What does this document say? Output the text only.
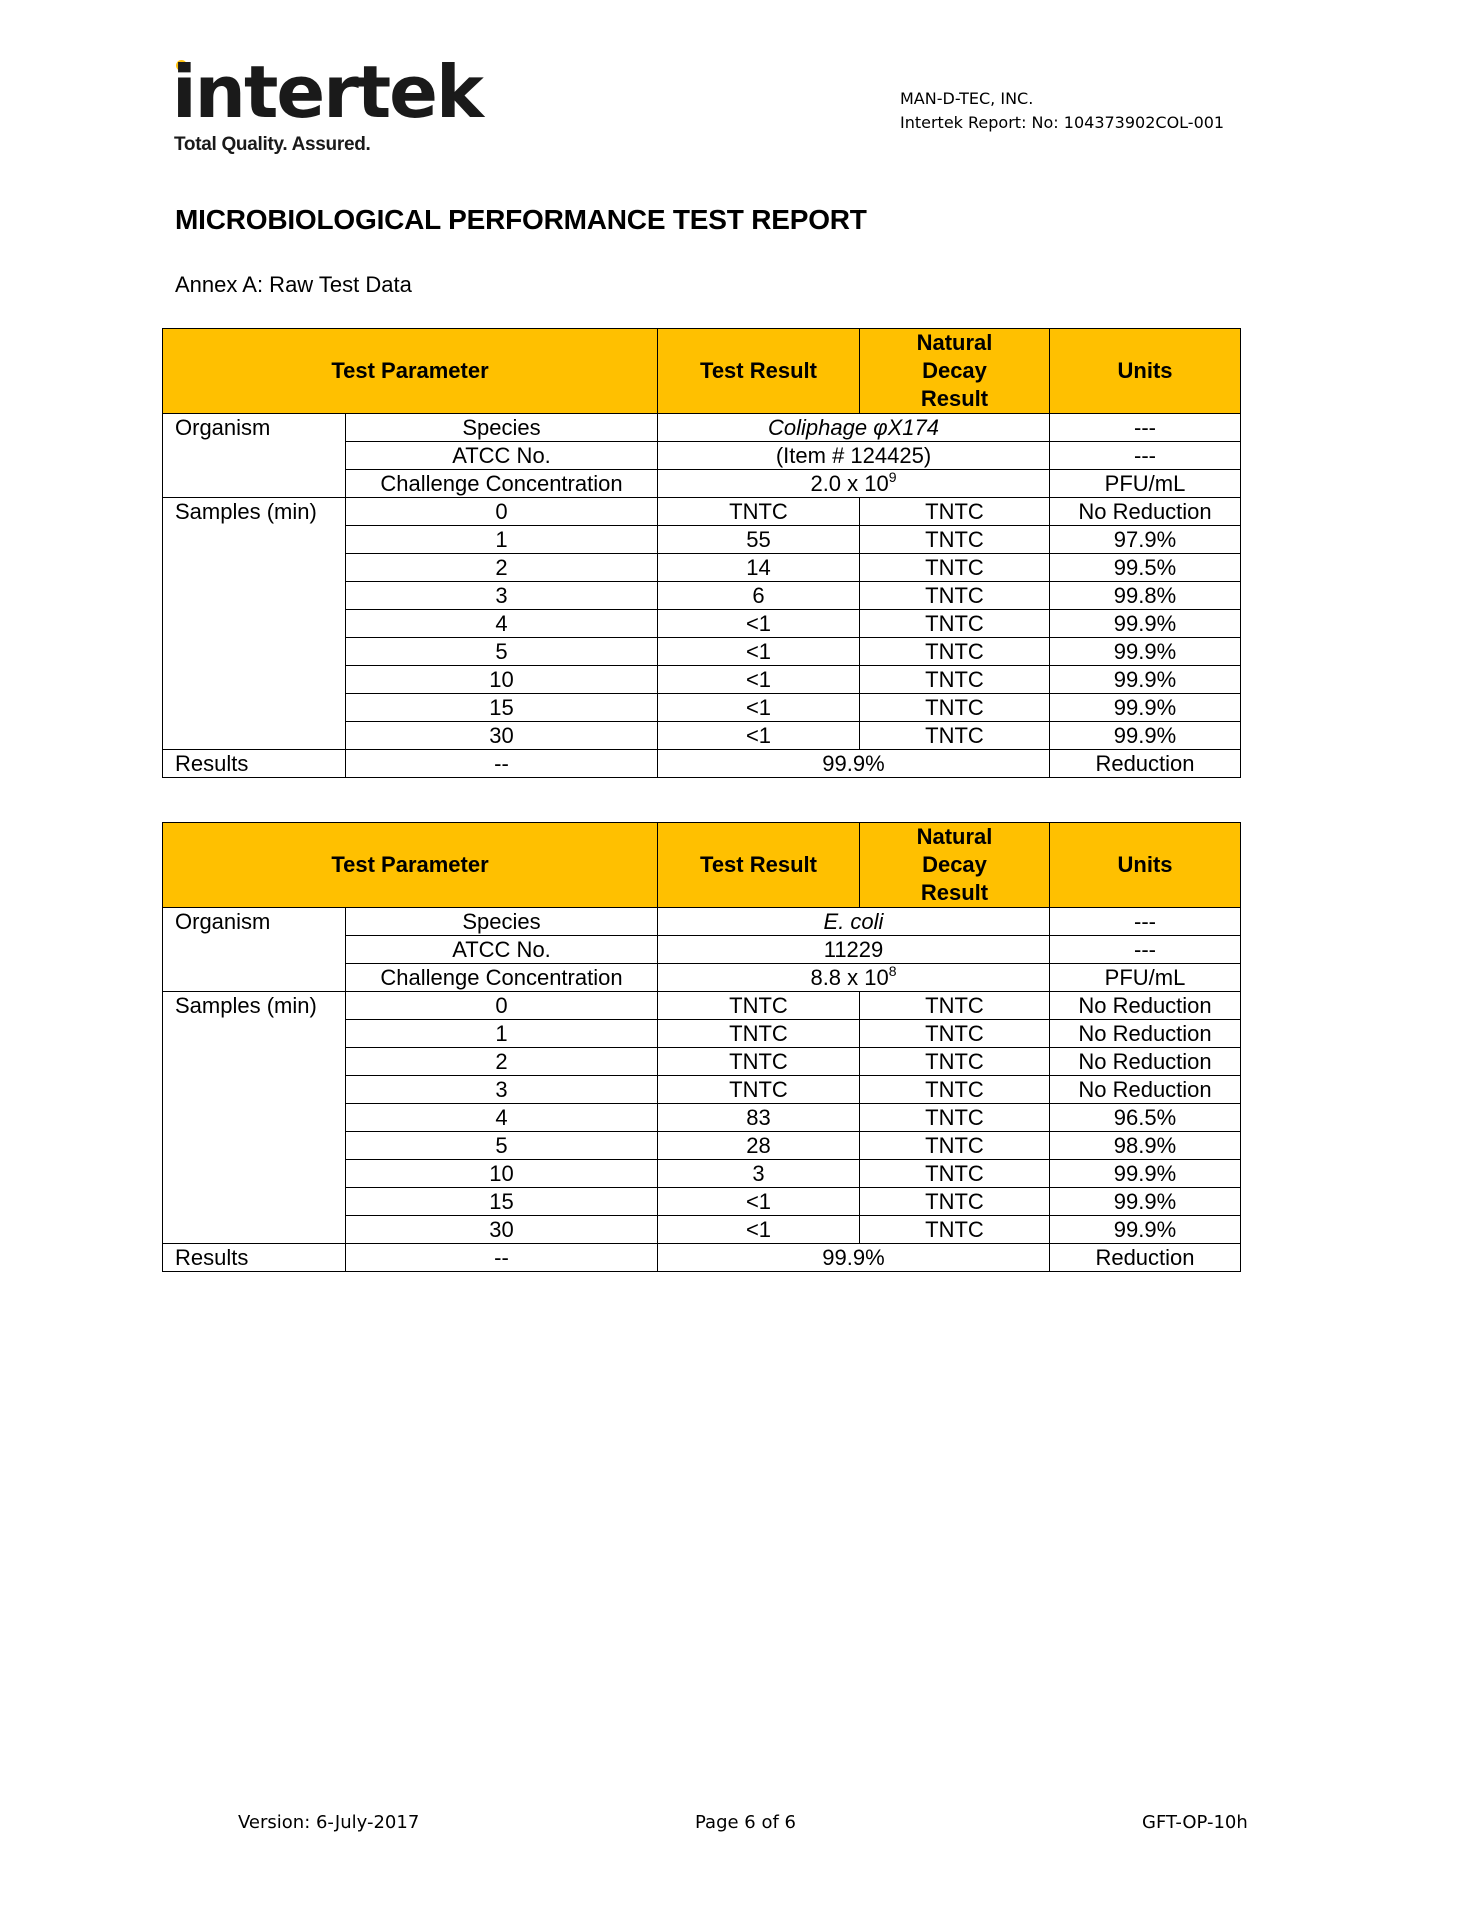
intertek
Total Quality. Assured.
MAN-D-TEC, INC.
Intertek Report: No: 104373902COL-001
MICROBIOLOGICAL PERFORMANCE TEST REPORT
Annex A: Raw Test Data
Test Parameter		Test Result	Natural Decay Result	Units
Organism	Species	Coliphage φX174		---
	ATCC No.	(Item # 124425)		---
	Challenge Concentration	2.0 x $10^9$		PFU/mL
Samples (min)	0	TNTC	TNTC	No Reduction
	1	55	TNTC	97.9%
	2	14	TNTC	99.5%
	3	6	TNTC	99.8%
	4	<1	TNTC	99.9%
	5	<1	TNTC	99.9%
	10	<1	TNTC	99.9%
	15	<1	TNTC	99.9%
	30	<1	TNTC	99.9%
Results	--	99.9%		Reduction
Test Parameter		Test Result	Natural Decay Result	Units
Organism	Species	E. coli		---
	ATCC No.	11229		---
	Challenge Concentration	8.8 x $10^8$		PFU/mL
Samples (min)	0	TNTC	TNTC	No Reduction
	1	TNTC	TNTC	No Reduction
	2	TNTC	TNTC	No Reduction
	3	TNTC	TNTC	No Reduction
	4	83	TNTC	96.5%
	5	28	TNTC	98.9%
	10	3	TNTC	99.9%
	15	<1	TNTC	99.9%
	30	<1	TNTC	99.9%
Results	--	99.9%		Reduction
Version: 6-July-2017	Page 6 of 6	GFT-OP-10h
